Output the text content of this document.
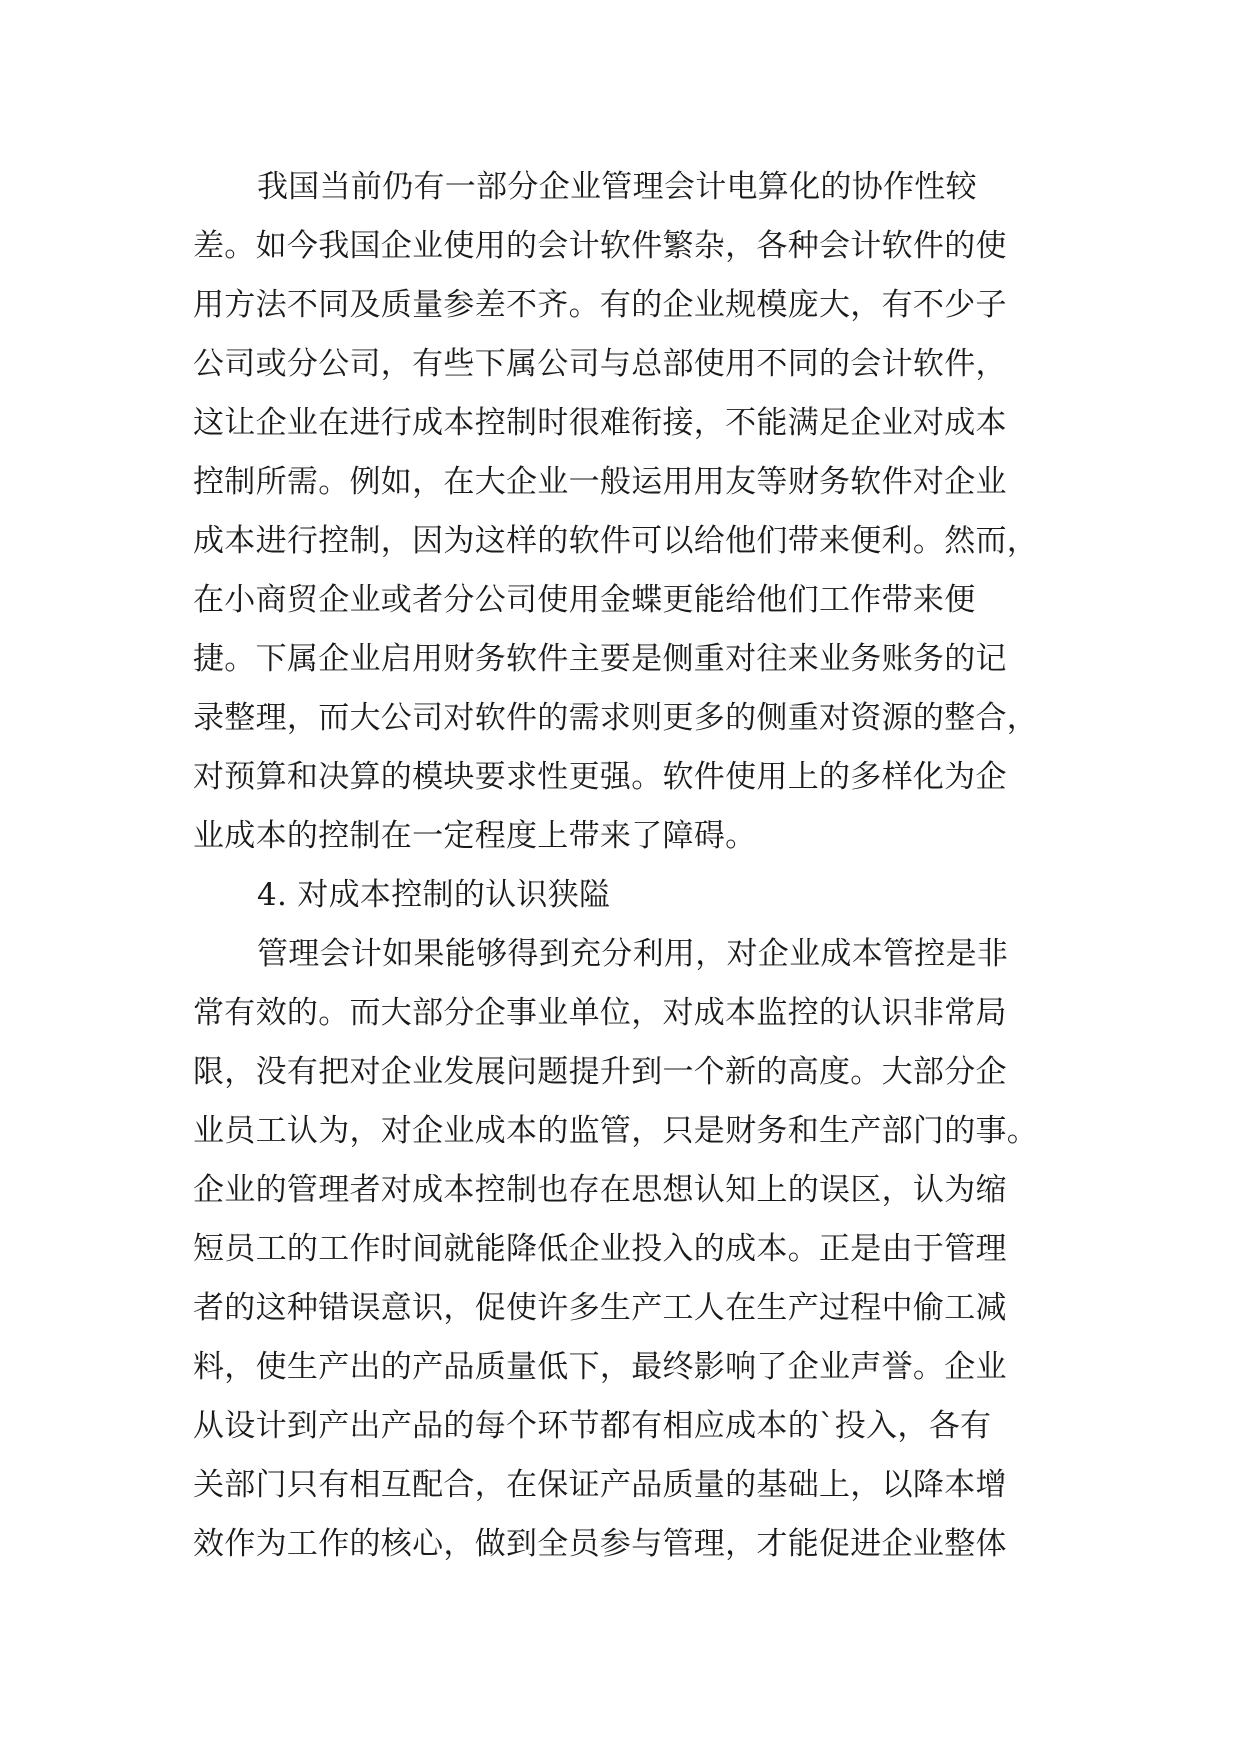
我国当前仍有一部分企业管理会计电算化的协作性较
差。如今我国企业使用的会计软件繁杂，各种会计软件的使
用方法不同及质量参差不齐。有的企业规模庞大，有不少子
公司或分公司，有些下属公司与总部使用不同的会计软件，
这让企业在进行成本控制时很难衔接，不能满足企业对成本
控制所需。例如，在大企业一般运用用友等财务软件对企业
成本进行控制，因为这样的软件可以给他们带来便利。然而，
在小商贸企业或者分公司使用金蝶更能给他们工作带来便
捷。下属企业启用财务软件主要是侧重对往来业务账务的记
录整理，而大公司对软件的需求则更多的侧重对资源的整合，
对预算和决算的模块要求性更强。软件使用上的多样化为企
业成本的控制在一定程度上带来了障碍。
4. 对成本控制的认识狭隘
管理会计如果能够得到充分利用，对企业成本管控是非
常有效的。而大部分企事业单位，对成本监控的认识非常局
限，没有把对企业发展问题提升到一个新的高度。大部分企
业员工认为，对企业成本的监管，只是财务和生产部门的事。
企业的管理者对成本控制也存在思想认知上的误区，认为缩
短员工的工作时间就能降低企业投入的成本。正是由于管理
者的这种错误意识，促使许多生产工人在生产过程中偷工减
料，使生产出的产品质量低下，最终影响了企业声誉。企业
从设计到产出产品的每个环节都有相应成本的`投入，各有
关部门只有相互配合，在保证产品质量的基础上，以降本增
效作为工作的核心，做到全员参与管理，才能促进企业整体
